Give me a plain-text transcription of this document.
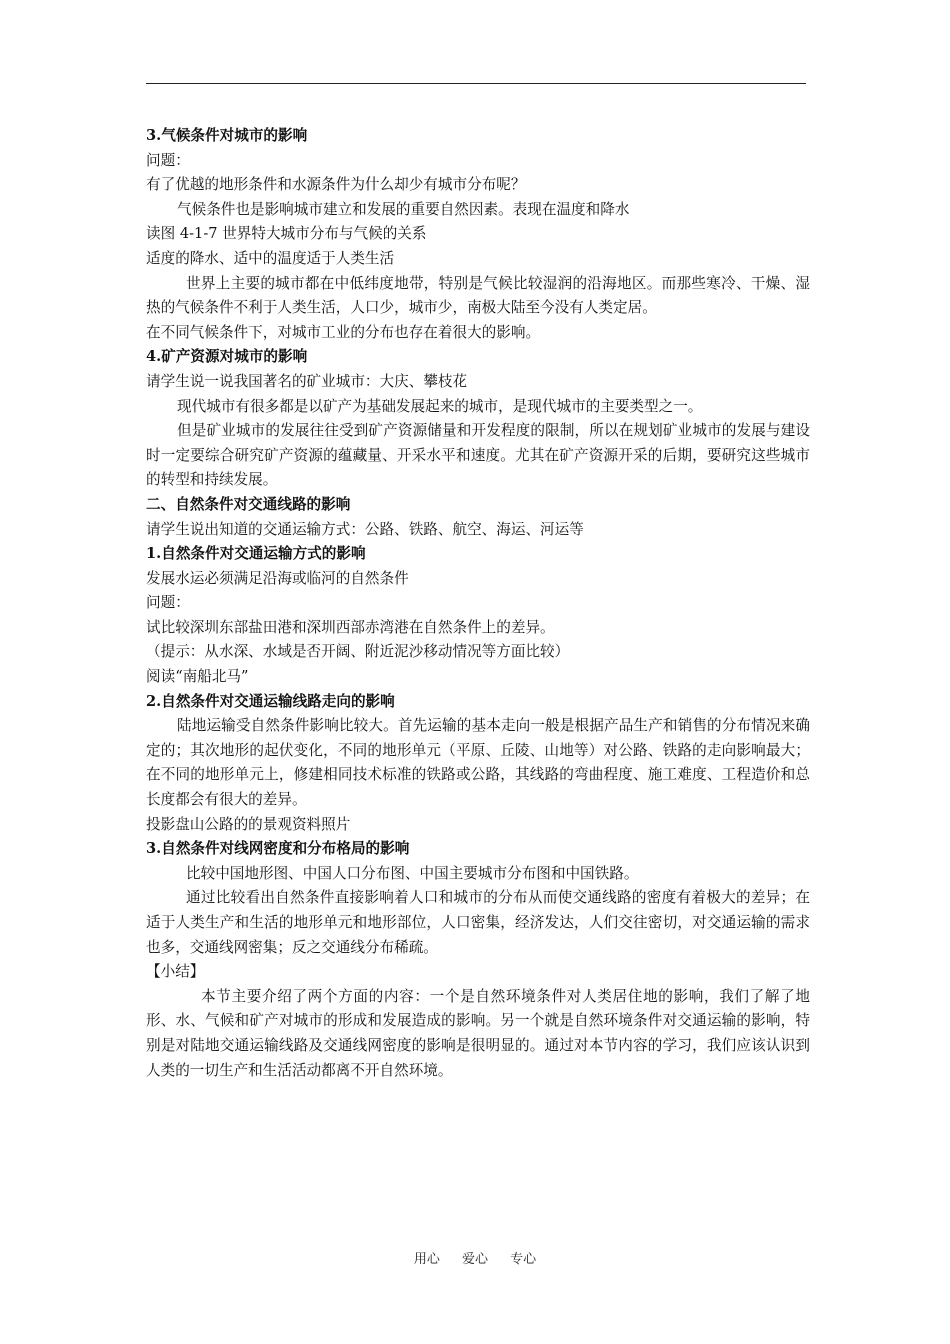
3.气候条件对城市的影响

问题：

有了优越的地形条件和水源条件为什么却少有城市分布呢？

气候条件也是影响城市建立和发展的重要自然因素。表现在温度和降水

读图 4-1-7 世界特大城市分布与气候的关系

适度的降水、适中的温度适于人类生活

世界上主要的城市都在中低纬度地带，特别是气候比较湿润的沿海地区。而那些寒冷、干燥、湿热的气候条件不利于人类生活，人口少，城市少，南极大陆至今没有人类定居。

在不同气候条件下，对城市工业的分布也存在着很大的影响。

4.矿产资源对城市的影响

请学生说一说我国著名的矿业城市：大庆、攀枝花

现代城市有很多都是以矿产为基础发展起来的城市，是现代城市的主要类型之一。

但是矿业城市的发展往往受到矿产资源储量和开发程度的限制，所以在规划矿业城市的发展与建设时一定要综合研究矿产资源的蕴藏量、开采水平和速度。尤其在矿产资源开采的后期，要研究这些城市的转型和持续发展。

二、自然条件对交通线路的影响

请学生说出知道的交通运输方式：公路、铁路、航空、海运、河运等

1.自然条件对交通运输方式的影响

发展水运必须满足沿海或临河的自然条件

问题：

试比较深圳东部盐田港和深圳西部赤湾港在自然条件上的差异。

（提示：从水深、水域是否开阔、附近泥沙移动情况等方面比较）

阅读“南船北马”

2.自然条件对交通运输线路走向的影响

陆地运输受自然条件影响比较大。首先运输的基本走向一般是根据产品生产和销售的分布情况来确定的；其次地形的起伏变化，不同的地形单元（平原、丘陵、山地等）对公路、铁路的走向影响最大；在不同的地形单元上，修建相同技术标准的铁路或公路，其线路的弯曲程度、施工难度、工程造价和总长度都会有很大的差异。

投影盘山公路的的景观资料照片

3.自然条件对线网密度和分布格局的影响

比较中国地形图、中国人口分布图、中国主要城市分布图和中国铁路。

通过比较看出自然条件直接影响着人口和城市的分布从而使交通线路的密度有着极大的差异；在适于人类生产和生活的地形单元和地形部位，人口密集，经济发达，人们交往密切，对交通运输的需求也多，交通线网密集；反之交通线分布稀疏。

【小结】

本节主要介绍了两个方面的内容：一个是自然环境条件对人类居住地的影响，我们了解了地形、水、气候和矿产对城市的形成和发展造成的影响。另一个就是自然环境条件对交通运输的影响，特别是对陆地交通运输线路及交通线网密度的影响是很明显的。通过对本节内容的学习，我们应该认识到人类的一切生产和生活活动都离不开自然环境。

用心 爱心 专心
